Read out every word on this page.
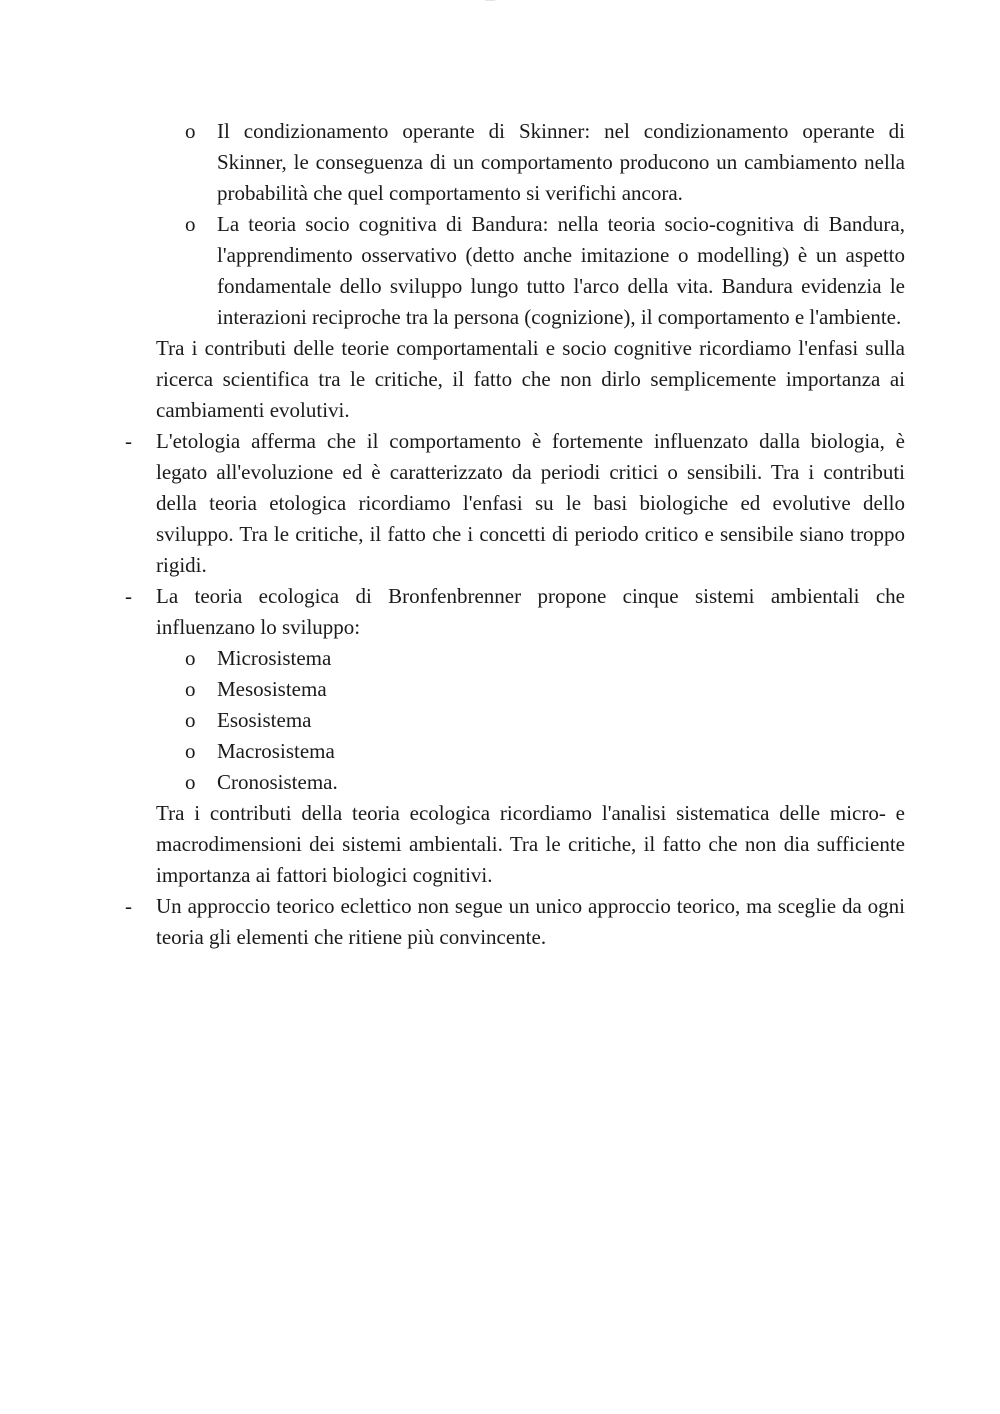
Document
o Il condizionamento operante di Skinner: nel condizionamento operante di Skinner, le conseguenza di un comportamento producono un cambiamento nella probabilità che quel comportamento si verifichi ancora.
o La teoria socio cognitiva di Bandura: nella teoria socio-cognitiva di Bandura, l'apprendimento osservativo (detto anche imitazione o modelling) è un aspetto fondamentale dello sviluppo lungo tutto l'arco della vita. Bandura evidenzia le interazioni reciproche tra la persona (cognizione), il comportamento e l'ambiente.
Tra i contributi delle teorie comportamentali e socio cognitive ricordiamo l'enfasi sulla ricerca scientifica tra le critiche, il fatto che non dirlo semplicemente importanza ai cambiamenti evolutivi.
- L'etologia afferma che il comportamento è fortemente influenzato dalla biologia, è legato all'evoluzione ed è caratterizzato da periodi critici o sensibili. Tra i contributi della teoria etologica ricordiamo l'enfasi su le basi biologiche ed evolutive dello sviluppo. Tra le critiche, il fatto che i concetti di periodo critico e sensibile siano troppo rigidi.
- La teoria ecologica di Bronfenbrenner propone cinque sistemi ambientali che influenzano lo sviluppo:
o Microsistema
o Mesosistema
o Esosistema
o Macrosistema
o Cronosistema.
Tra i contributi della teoria ecologica ricordiamo l'analisi sistematica delle micro- e macrodimensioni dei sistemi ambientali. Tra le critiche, il fatto che non dia sufficiente importanza ai fattori biologici cognitivi.
- Un approccio teorico eclettico non segue un unico approccio teorico, ma sceglie da ogni teoria gli elementi che ritiene più convincente.
